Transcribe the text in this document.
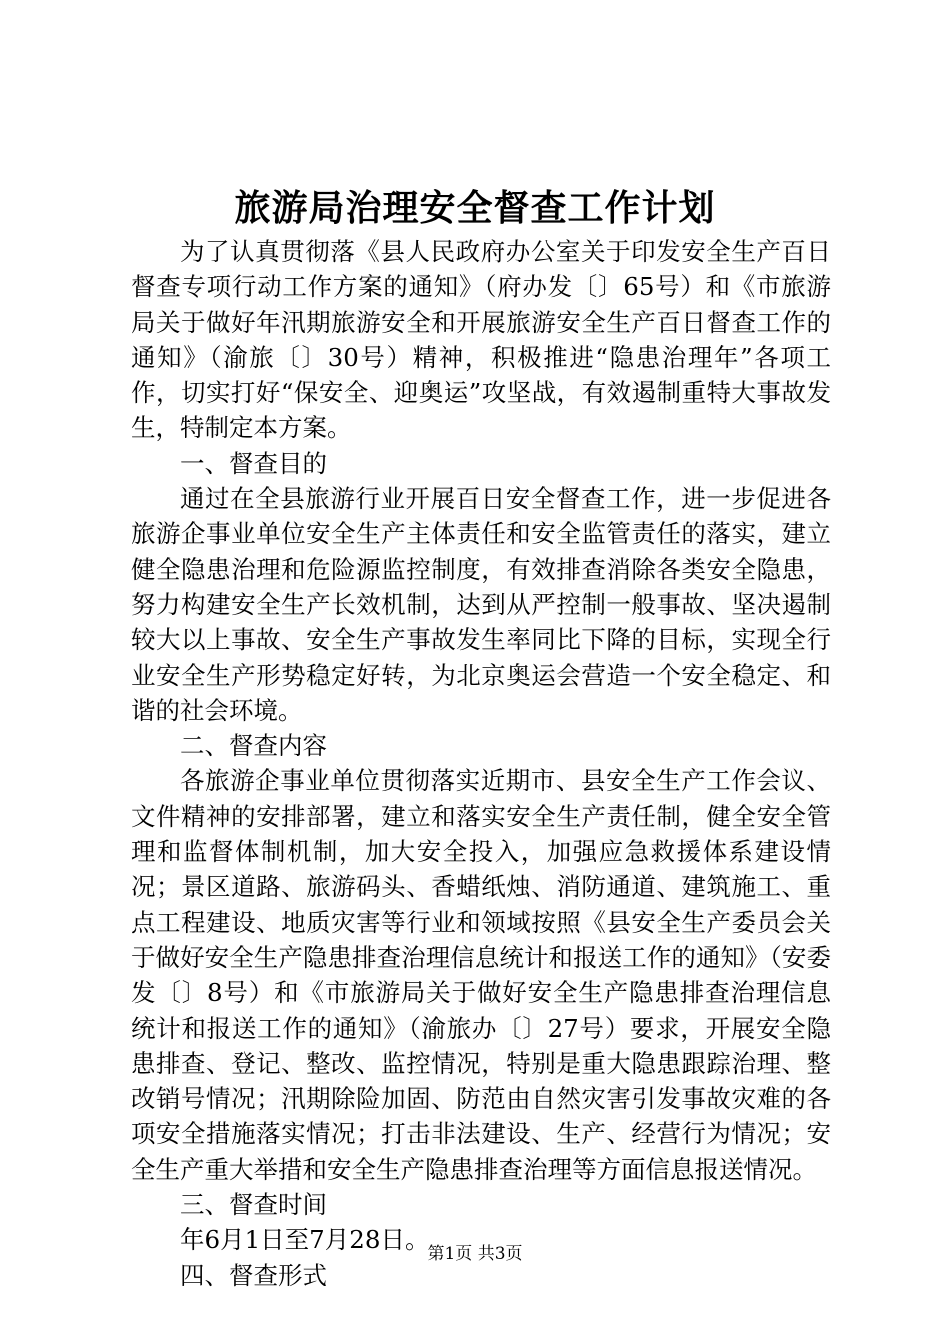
旅游局治理安全督查工作计划

为了认真贯彻落《县人民政府办公室关于印发安全生产百日督查专项行动工作方案的通知》（府办发〔〕65号）和《市旅游局关于做好年汛期旅游安全和开展旅游安全生产百日督查工作的通知》（渝旅〔〕30号）精神，积极推进“隐患治理年”各项工作，切实打好“保安全、迎奥运”攻坚战，有效遏制重特大事故发生，特制定本方案。

一、督查目的

通过在全县旅游行业开展百日安全督查工作，进一步促进各旅游企事业单位安全生产主体责任和安全监管责任的落实，建立健全隐患治理和危险源监控制度，有效排查消除各类安全隐患，努力构建安全生产长效机制，达到从严控制一般事故、坚决遏制较大以上事故、安全生产事故发生率同比下降的目标，实现全行业安全生产形势稳定好转，为北京奥运会营造一个安全稳定、和谐的社会环境。

二、督查内容

各旅游企事业单位贯彻落实近期市、县安全生产工作会议、文件精神的安排部署，建立和落实安全生产责任制，健全安全管理和监督体制机制，加大安全投入，加强应急救援体系建设情况；景区道路、旅游码头、香蜡纸烛、消防通道、建筑施工、重点工程建设、地质灾害等行业和领域按照《县安全生产委员会关于做好安全生产隐患排查治理信息统计和报送工作的通知》（安委发〔〕8号）和《市旅游局关于做好安全生产隐患排查治理信息统计和报送工作的通知》（渝旅办〔〕27号）要求，开展安全隐患排查、登记、整改、监控情况，特别是重大隐患跟踪治理、整改销号情况；汛期除险加固、防范由自然灾害引发事故灾难的各项安全措施落实情况；打击非法建设、生产、经营行为情况；安全生产重大举措和安全生产隐患排查治理等方面信息报送情况。

三、督查时间

年6月1日至7月28日。

四、督查形式

第1页 共3页
